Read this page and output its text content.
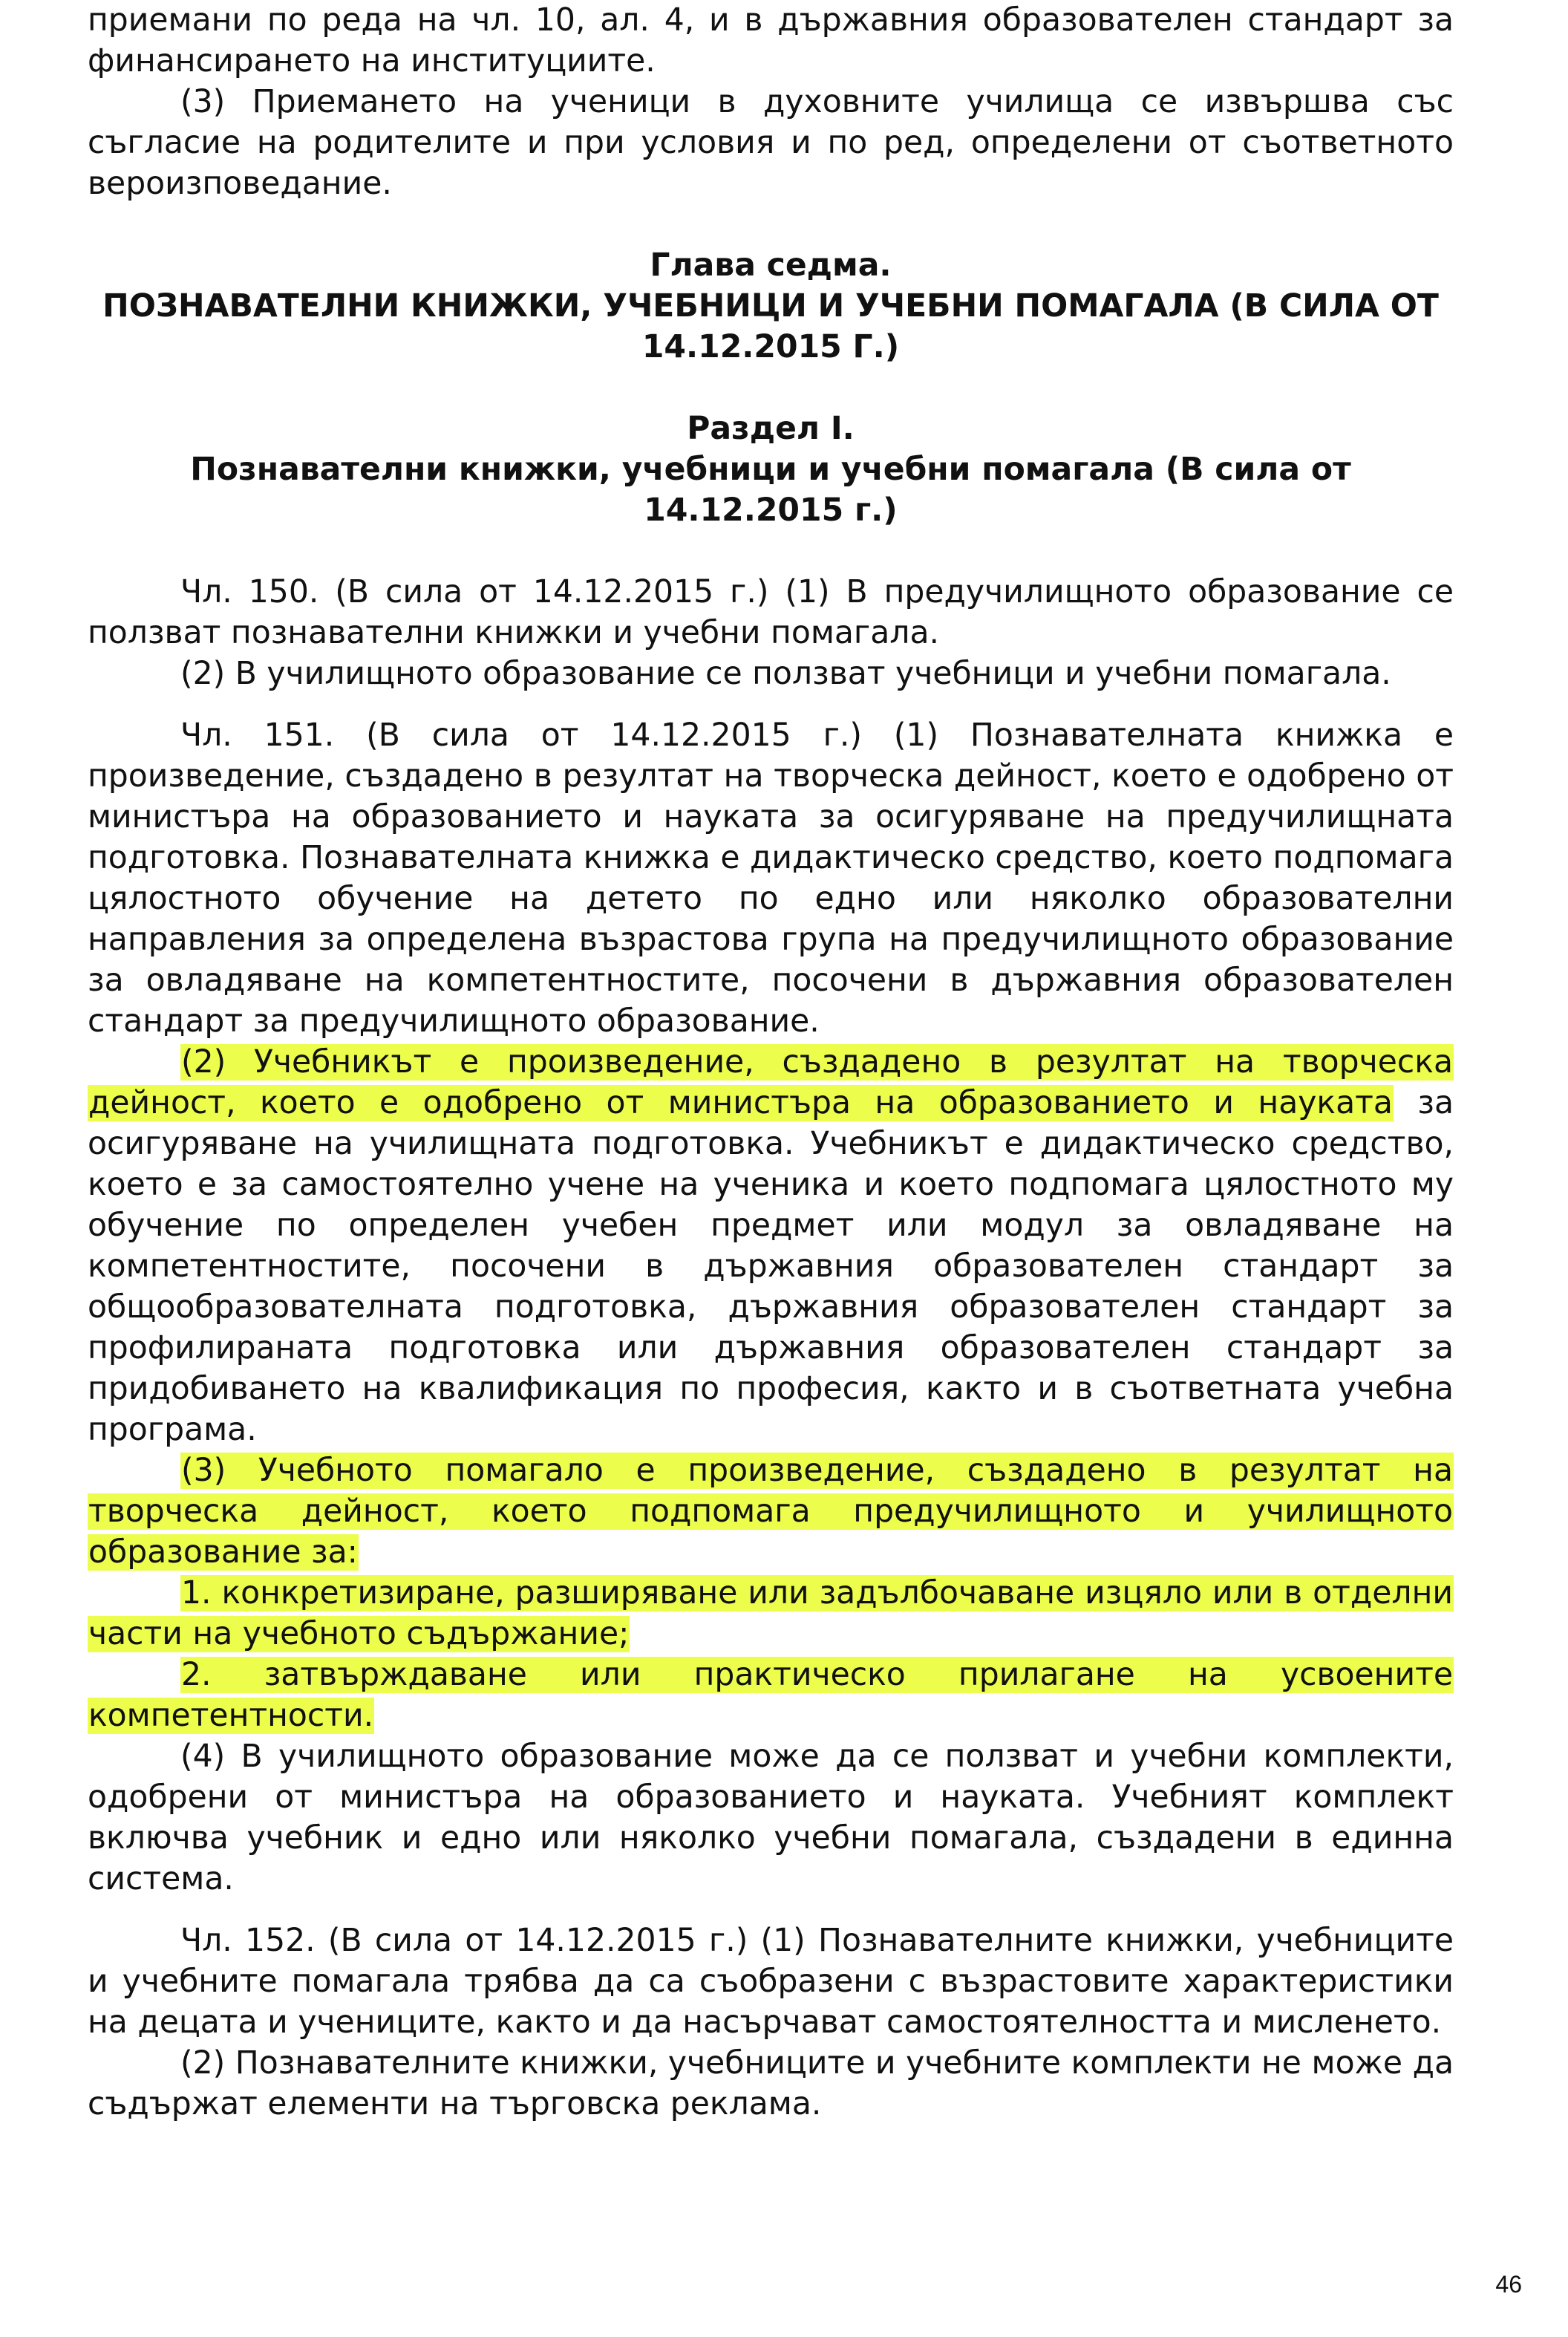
приемани по реда на чл. 10, ал. 4, и в държавния образователен стандарт за финансирането на институциите.

(3) Приемането на ученици в духовните училища се извършва със съгласие на родителите и при условия и по ред, определени от съответното вероизповедание.

Глава седма.

ПОЗНАВАТЕЛНИ КНИЖКИ, УЧЕБНИЦИ И УЧЕБНИ ПОМАГАЛА (В СИЛА ОТ 14.12.2015 Г.)

Раздел I.

Познавателни книжки, учебници и учебни помагала (В сила от 14.12.2015 г.)

Чл. 150. (В сила от 14.12.2015 г.) (1) В предучилищното образование се ползват познавателни книжки и учебни помагала.

(2) В училищното образование се ползват учебници и учебни помагала.

Чл. 151. (В сила от 14.12.2015 г.) (1) Познавателната книжка е произведение, създадено в резултат на творческа дейност, което е одобрено от министъра на образованието и науката за осигуряване на предучилищната подготовка. Познавателната книжка е дидактическо средство, което подпомага цялостното обучение на детето по едно или няколко образователни направления за определена възрастова група на предучилищното образование за овладяване на компетентностите, посочени в държавния образователен стандарт за предучилищното образование.

(2) Учебникът е произведение, създадено в резултат на творческа дейност, което е одобрено от министъра на образованието и науката за осигуряване на училищната подготовка. Учебникът е дидактическо средство, което е за самостоятелно учене на ученика и което подпомага цялостното му обучение по определен учебен предмет или модул за овладяване на компетентностите, посочени в държавния образователен стандарт за общообразователната подготовка, държавния образователен стандарт за профилираната подготовка или държавния образователен стандарт за придобиването на квалификация по професия, както и в съответната учебна програма.

(3) Учебното помагало е произведение, създадено в резултат на творческа дейност, което подпомага предучилищното и училищното образование за:

1. конкретизиране, разширяване или задълбочаване изцяло или в отделни части на учебното съдържание;

2. затвърждаване или практическо прилагане на усвоените компетентности.

(4) В училищното образование може да се ползват и учебни комплекти, одобрени от министъра на образованието и науката. Учебният комплект включва учебник и едно или няколко учебни помагала, създадени в единна система.

Чл. 152. (В сила от 14.12.2015 г.) (1) Познавателните книжки, учебниците и учебните помагала трябва да са съобразени с възрастовите характеристики на децата и учениците, както и да насърчават самостоятелността и мисленето.

(2) Познавателните книжки, учебниците и учебните комплекти не може да съдържат елементи на търговска реклама.

46
